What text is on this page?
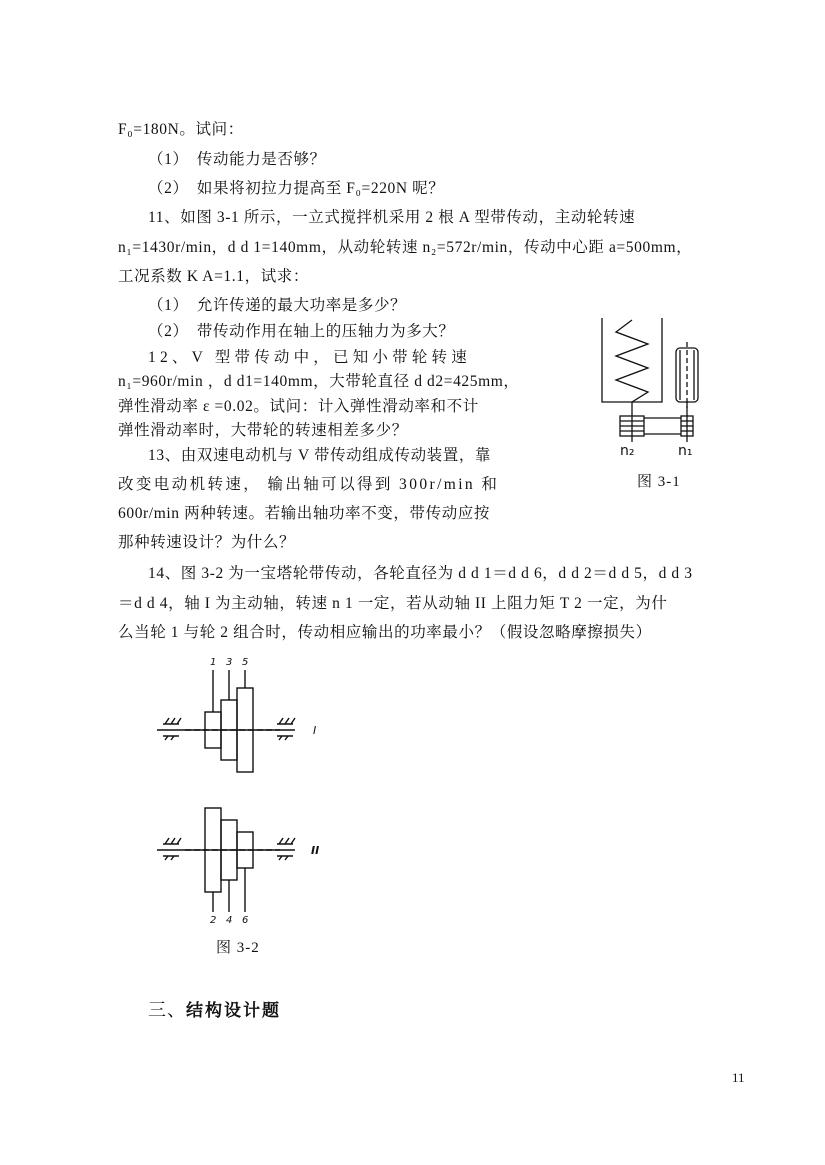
F₀=180N。试问：
（1）　传动能力是否够？
（2）　如果将初拉力提高至 F₀=220N 呢？
11、如图 3-1 所示，一立式搅拌机采用 2 根 A 型带传动，主动轮转速
n₁=1430r/min，d d 1=140mm，从动轮转速 n₂=572r/min，传动中心距 a=500mm，
工况系数 K A=1.1，试求：
（1）　允许传递的最大功率是多少？
（2）　带传动作用在轴上的压轴力为多大？
12、V 型带传动中，已知小带轮转速
n₁=960r/min ，d d1=140mm，大带轮直径 d d2=425mm，
弹性滑动率 ε =0.02。试问：计入弹性滑动率和不计
弹性滑动率时，大带轮的转速相差多少？
13、由双速电动机与 V 带传动组成传动装置，靠
改变电动机转速， 输出轴可以得到 300r/min 和
600r/min 两种转速。若输出轴功率不变，带传动应按
那种转速设计？为什么？
14、图 3-2 为一宝塔轮带传动，各轮直径为 d d 1＝d d 6，d d 2＝d d 5，d d 3
＝d d 4，轴 I 为主动轴，转速 n 1 一定，若从动轴 II 上阻力矩 T 2 一定，为什
么当轮 1 与轮 2 组合时，传动相应输出的功率最小？（假设忽略摩擦损失）
n₂	n₁
图 3-1
1 3 5
2 4 6
I
II
图 3-2
三、结构设计题
11
